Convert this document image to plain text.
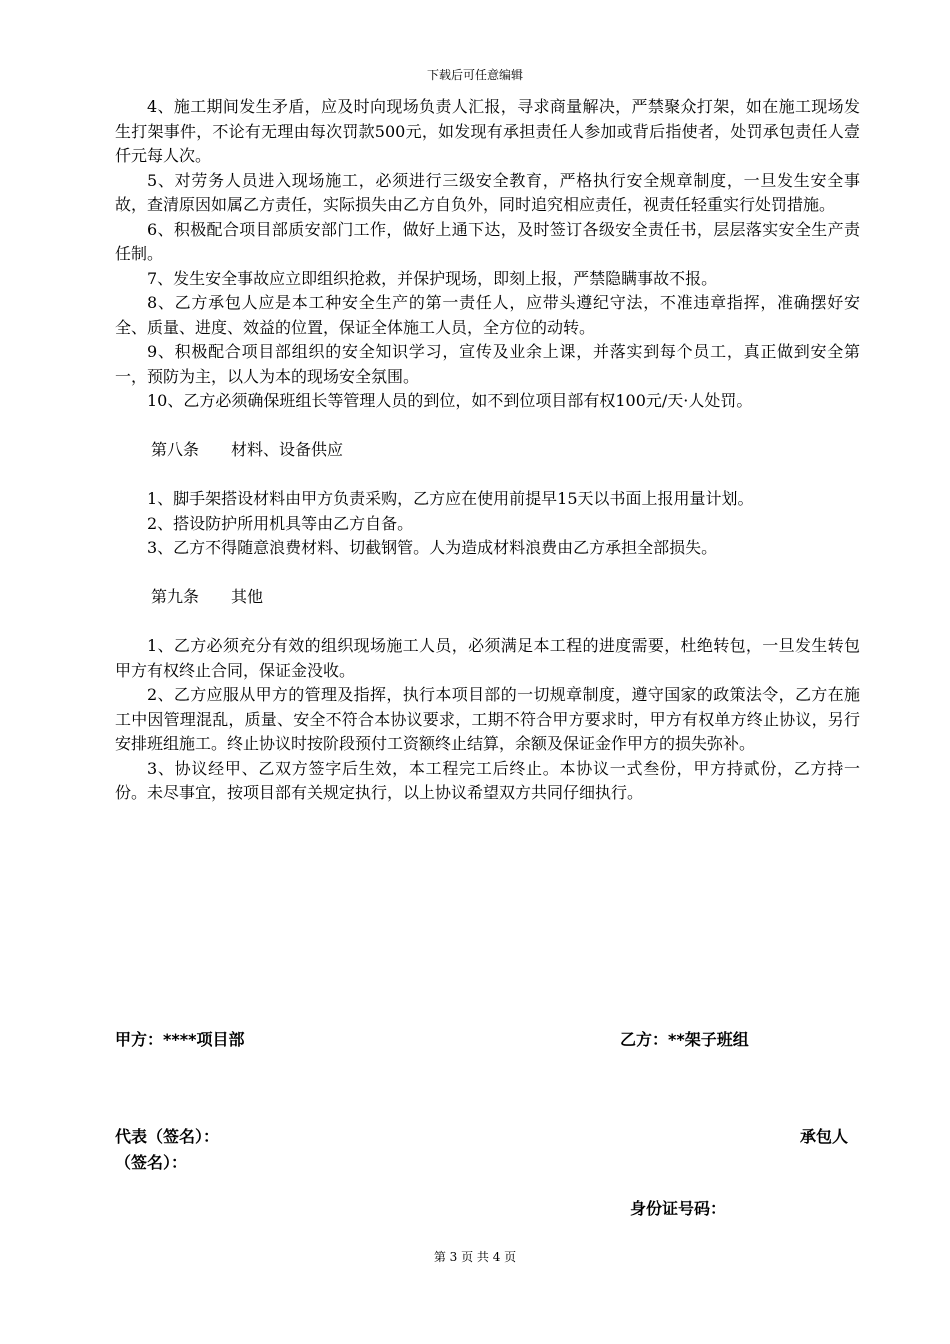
下载后可任意编辑

4、施工期间发生矛盾，应及时向现场负责人汇报，寻求商量解决，严禁聚众打架，如在施工现场发生打架事件，不论有无理由每次罚款500元，如发现有承担责任人参加或背后指使者，处罚承包责任人壹仟元每人次。

5、对劳务人员进入现场施工，必须进行三级安全教育，严格执行安全规章制度，一旦发生安全事故，查清原因如属乙方责任，实际损失由乙方自负外，同时追究相应责任，视责任轻重实行处罚措施。

6、积极配合项目部质安部门工作，做好上通下达，及时签订各级安全责任书，层层落实安全生产责任制。

7、发生安全事故应立即组织抢救，并保护现场，即刻上报，严禁隐瞒事故不报。

8、乙方承包人应是本工种安全生产的第一责任人，应带头遵纪守法，不准违章指挥，准确摆好安全、质量、进度、效益的位置，保证全体施工人员，全方位的动转。

9、积极配合项目部组织的安全知识学习，宣传及业余上课，并落实到每个员工，真正做到安全第一，预防为主，以人为本的现场安全氛围。

10、乙方必须确保班组长等管理人员的到位，如不到位项目部有权100元/天·人处罚。

第八条　　材料、设备供应

1、脚手架搭设材料由甲方负责采购，乙方应在使用前提早15天以书面上报用量计划。

2、搭设防护所用机具等由乙方自备。

3、乙方不得随意浪费材料、切截钢管。人为造成材料浪费由乙方承担全部损失。

第九条　　其他

1、乙方必须充分有效的组织现场施工人员，必须满足本工程的进度需要，杜绝转包，一旦发生转包甲方有权终止合同，保证金没收。

2、乙方应服从甲方的管理及指挥，执行本项目部的一切规章制度，遵守国家的政策法令，乙方在施工中因管理混乱，质量、安全不符合本协议要求，工期不符合甲方要求时，甲方有权单方终止协议，另行安排班组施工。终止协议时按阶段预付工资额终止结算，余额及保证金作甲方的损失弥补。

3、协议经甲、乙双方签字后生效，本工程完工后终止。本协议一式叁份，甲方持贰份，乙方持一份。未尽事宜，按项目部有关规定执行，以上协议希望双方共同仔细执行。

甲方：****项目部	乙方：**架子班组
代表（签名）：	承包人
（签名）：
身份证号码：
第 3 页 共 4 页
